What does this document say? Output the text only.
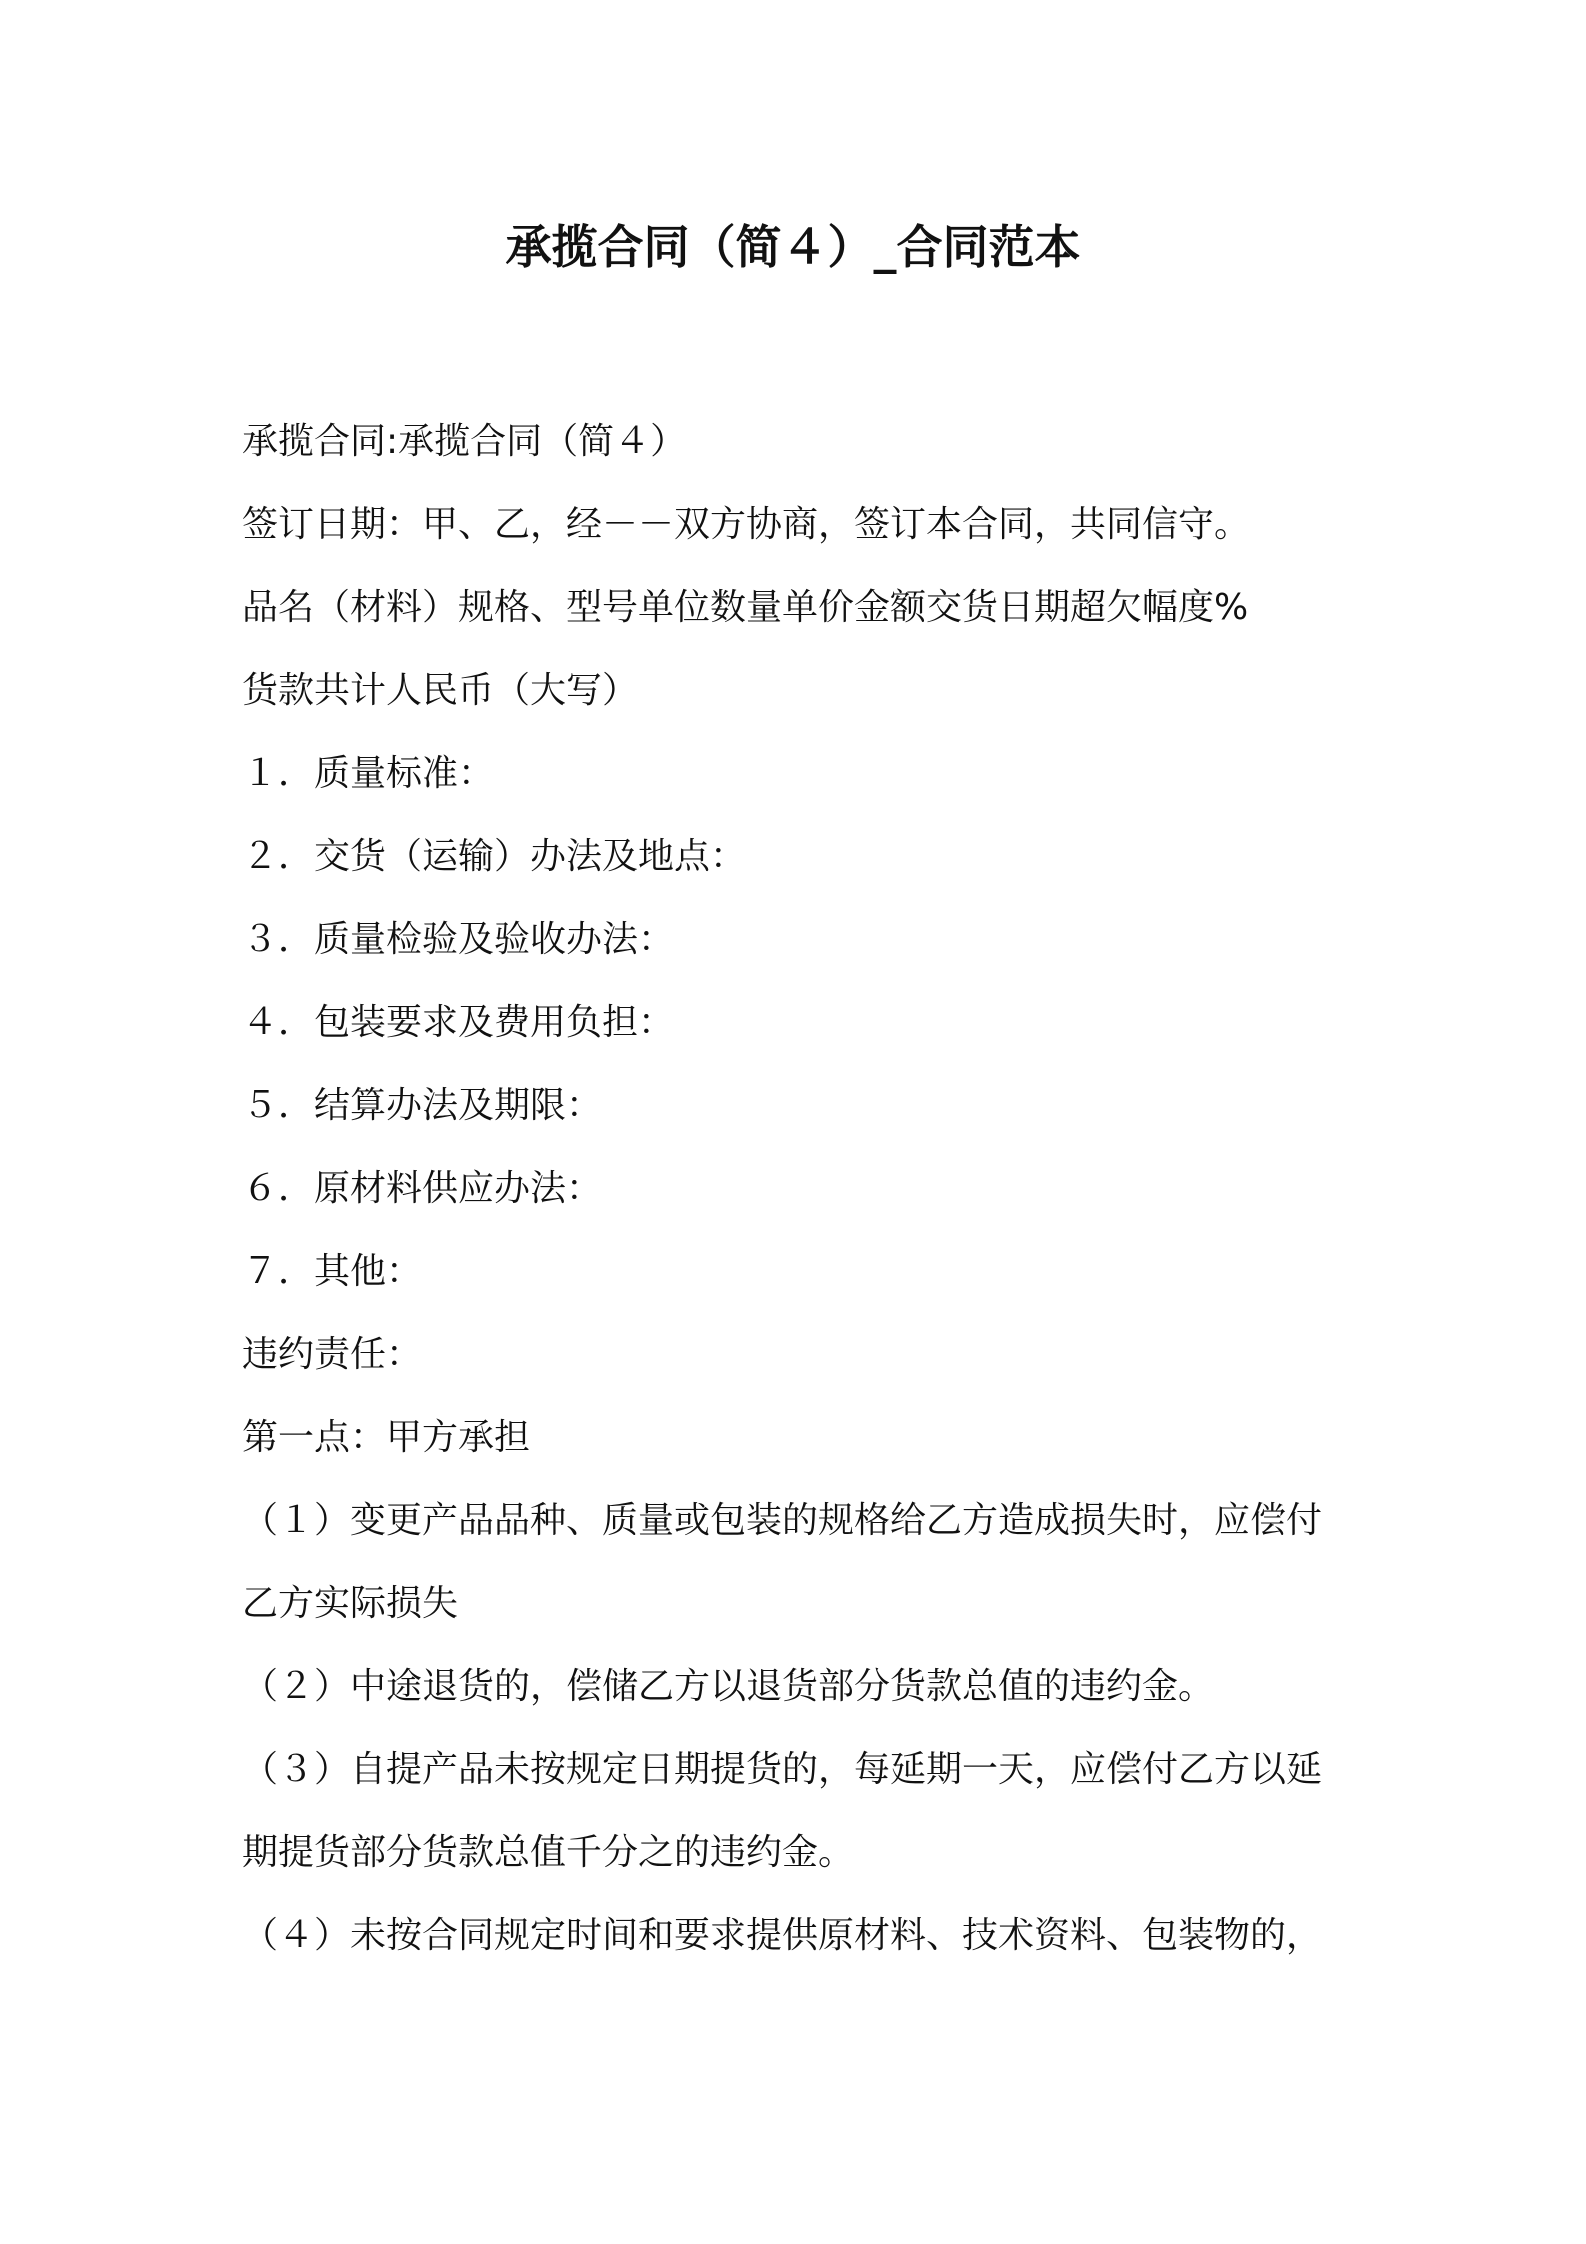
承揽合同（简４）_合同范本
承揽合同:承揽合同（简４）
签订日期：甲、乙，经－－双方协商，签订本合同，共同信守。
品名（材料）规格、型号单位数量单价金额交货日期超欠幅度%
货款共计人民币（大写）
１．质量标准：
２．交货（运输）办法及地点：
３．质量检验及验收办法：
４．包装要求及费用负担：
５．结算办法及期限：
６．原材料供应办法：
７．其他：
违约责任：
第一点：甲方承担
（１）变更产品品种、质量或包装的规格给乙方造成损失时，应偿付
乙方实际损失
（２）中途退货的，偿储乙方以退货部分货款总值的违约金。
（３）自提产品未按规定日期提货的，每延期一天，应偿付乙方以延
期提货部分货款总值千分之的违约金。
（４）未按合同规定时间和要求提供原材料、技术资料、包装物的，
